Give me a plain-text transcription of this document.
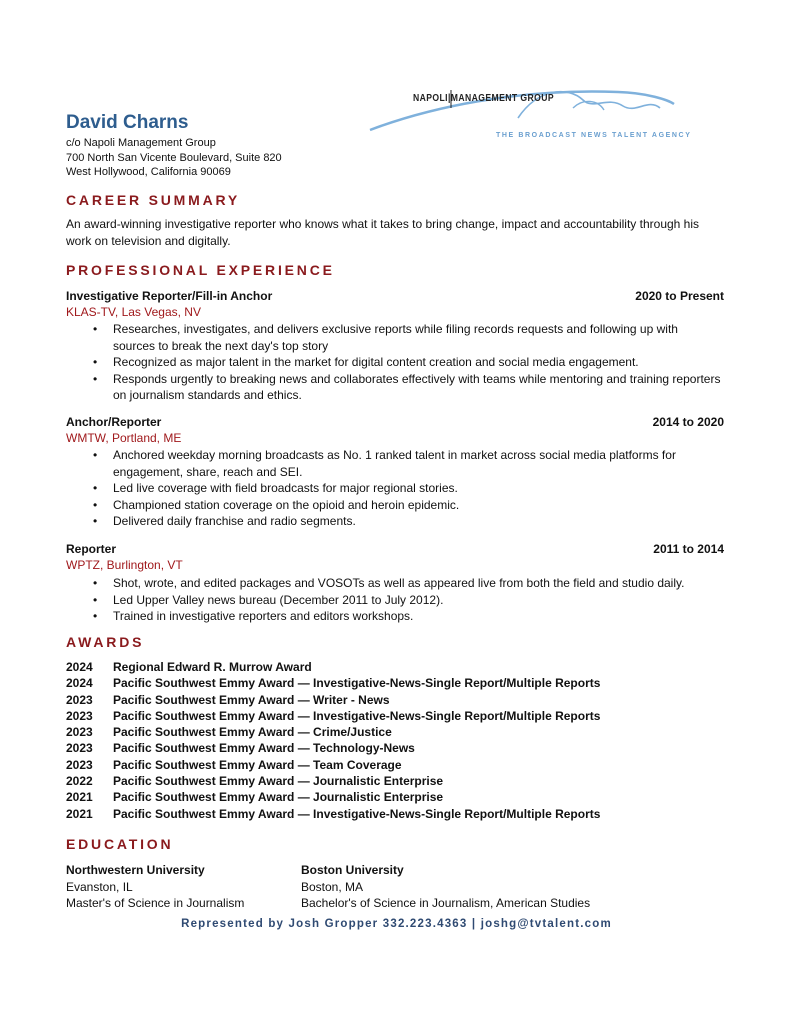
NAPOLI|MANAGEMENT GROUP
THE BROADCAST NEWS TALENT AGENCY
David Charns
c/o Napoli Management Group
700 North San Vicente Boulevard, Suite 820
West Hollywood, California 90069
CAREER SUMMARY
An award-winning investigative reporter who knows what it takes to bring change, impact and accountability through his work on television and digitally.
PROFESSIONAL EXPERIENCE
Investigative Reporter/Fill-in Anchor	2020 to Present
KLAS-TV, Las Vegas, NV
• Researches, investigates, and delivers exclusive reports while filing records requests and following up with sources to break the next day's top story
• Recognized as major talent in the market for digital content creation and social media engagement.
• Responds urgently to breaking news and collaborates effectively with teams while mentoring and training reporters on journalism standards and ethics.
Anchor/Reporter	2014 to 2020
WMTW, Portland, ME
• Anchored weekday morning broadcasts as No. 1 ranked talent in market across social media platforms for engagement, share, reach and SEI.
• Led live coverage with field broadcasts for major regional stories.
• Championed station coverage on the opioid and heroin epidemic.
• Delivered daily franchise and radio segments.
Reporter	2011 to 2014
WPTZ, Burlington, VT
• Shot, wrote, and edited packages and VOSOTs as well as appeared live from both the field and studio daily.
• Led Upper Valley news bureau (December 2011 to July 2012).
• Trained in investigative reporters and editors workshops.
AWARDS
2024	Regional Edward R. Murrow Award
2024	Pacific Southwest Emmy Award — Investigative-News-Single Report/Multiple Reports
2023	Pacific Southwest Emmy Award — Writer - News
2023	Pacific Southwest Emmy Award — Investigative-News-Single Report/Multiple Reports
2023	Pacific Southwest Emmy Award — Crime/Justice
2023	Pacific Southwest Emmy Award — Technology-News
2023	Pacific Southwest Emmy Award — Team Coverage
2022	Pacific Southwest Emmy Award — Journalistic Enterprise
2021	Pacific Southwest Emmy Award — Journalistic Enterprise
2021	Pacific Southwest Emmy Award — Investigative-News-Single Report/Multiple Reports
EDUCATION
Northwestern University
Evanston, IL
Master's of Science in Journalism
Boston University
Boston, MA
Bachelor's of Science in Journalism, American Studies
Represented by Josh Gropper 332.223.4363 | joshg@tvtalent.com
